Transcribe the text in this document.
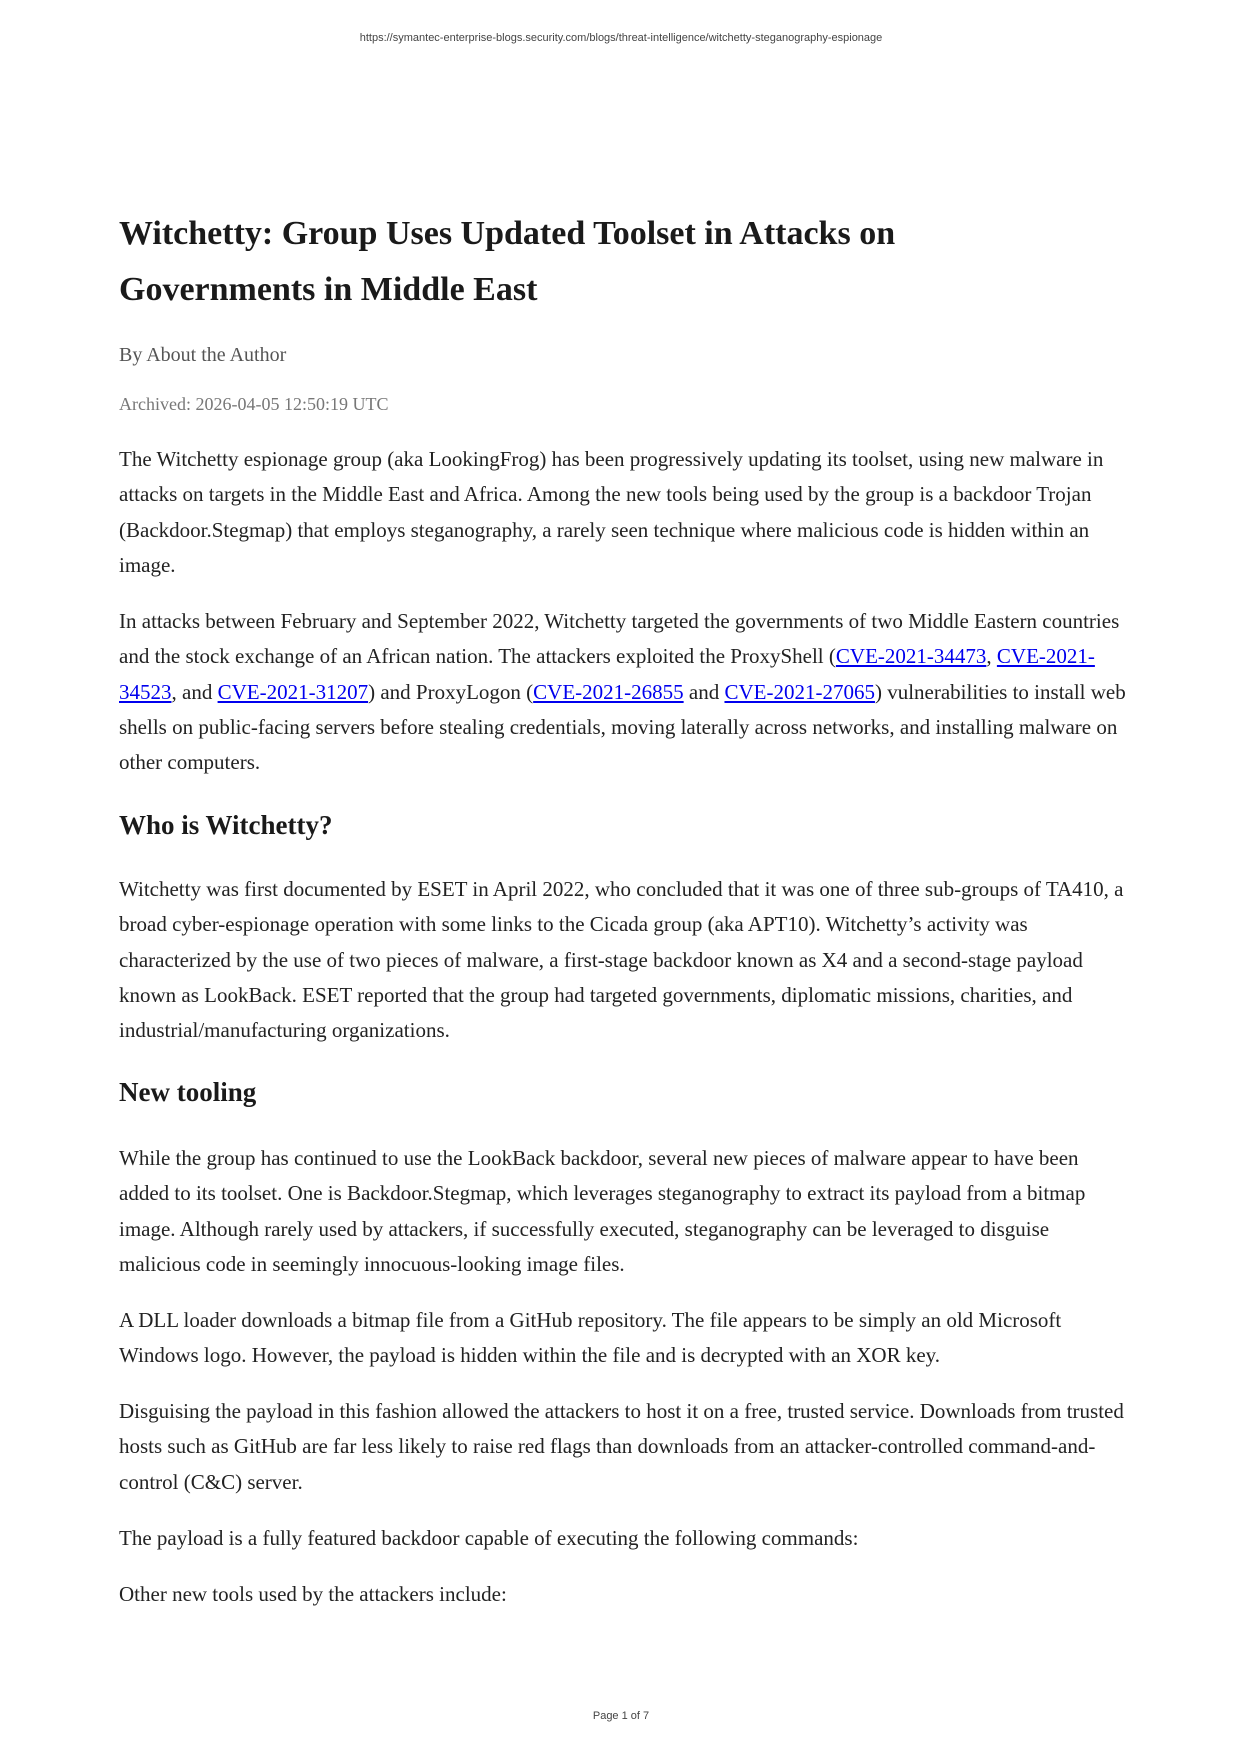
https://symantec-enterprise-blogs.security.com/blogs/threat-intelligence/witchetty-steganography-espionage
Witchetty: Group Uses Updated Toolset in Attacks on Governments in Middle East
By About the Author
Archived: 2026-04-05 12:50:19 UTC

The Witchetty espionage group (aka LookingFrog) has been progressively updating its toolset, using new malware in attacks on targets in the Middle East and Africa. Among the new tools being used by the group is a backdoor Trojan (Backdoor.Stegmap) that employs steganography, a rarely seen technique where malicious code is hidden within an image.

In attacks between February and September 2022, Witchetty targeted the governments of two Middle Eastern countries and the stock exchange of an African nation. The attackers exploited the ProxyShell (CVE-2021-34473, CVE-2021-34523, and CVE-2021-31207) and ProxyLogon (CVE-2021-26855 and CVE-2021-27065) vulnerabilities to install web shells on public-facing servers before stealing credentials, moving laterally across networks, and installing malware on other computers.

Who is Witchetty?

Witchetty was first documented by ESET in April 2022, who concluded that it was one of three sub-groups of TA410, a broad cyber-espionage operation with some links to the Cicada group (aka APT10). Witchetty’s activity was characterized by the use of two pieces of malware, a first-stage backdoor known as X4 and a second-stage payload known as LookBack. ESET reported that the group had targeted governments, diplomatic missions, charities, and industrial/manufacturing organizations.

New tooling

While the group has continued to use the LookBack backdoor, several new pieces of malware appear to have been added to its toolset. One is Backdoor.Stegmap, which leverages steganography to extract its payload from a bitmap image. Although rarely used by attackers, if successfully executed, steganography can be leveraged to disguise malicious code in seemingly innocuous-looking image files.

A DLL loader downloads a bitmap file from a GitHub repository. The file appears to be simply an old Microsoft Windows logo. However, the payload is hidden within the file and is decrypted with an XOR key.

Disguising the payload in this fashion allowed the attackers to host it on a free, trusted service. Downloads from trusted hosts such as GitHub are far less likely to raise red flags than downloads from an attacker-controlled command-and-control (C&C) server.

The payload is a fully featured backdoor capable of executing the following commands:

Other new tools used by the attackers include:

Page 1 of 7
